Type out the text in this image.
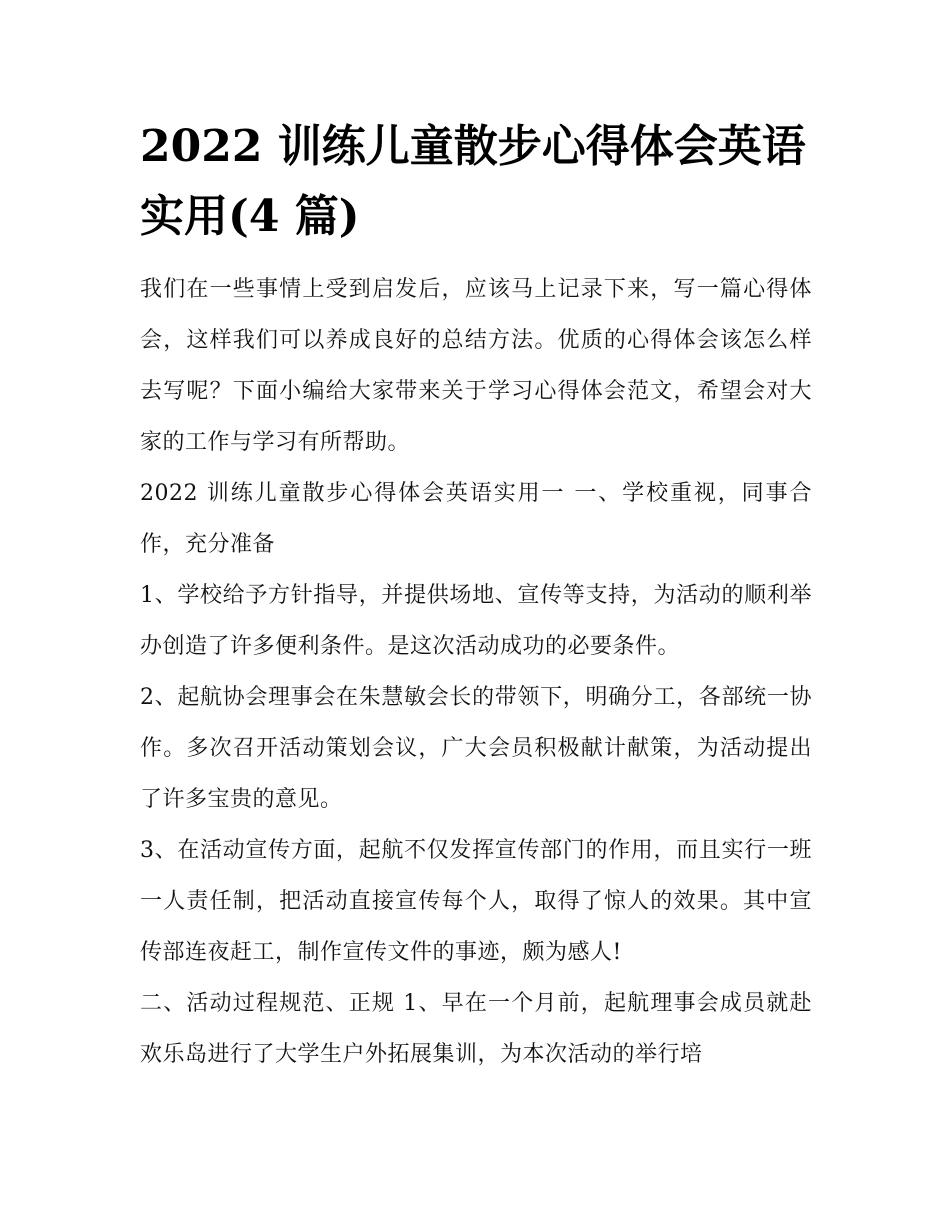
2022 训练儿童散步心得体会英语实用(4 篇)

我们在一些事情上受到启发后，应该马上记录下来，写一篇心得体会，这样我们可以养成良好的总结方法。优质的心得体会该怎么样去写呢？下面小编给大家带来关于学习心得体会范文，希望会对大家的工作与学习有所帮助。

2022 训练儿童散步心得体会英语实用一 一、学校重视，同事合作，充分准备

1、学校给予方针指导，并提供场地、宣传等支持，为活动的顺利举办创造了许多便利条件。是这次活动成功的必要条件。

2、起航协会理事会在朱慧敏会长的带领下，明确分工，各部统一协作。多次召开活动策划会议，广大会员积极献计献策，为活动提出了许多宝贵的意见。

3、在活动宣传方面，起航不仅发挥宣传部门的作用，而且实行一班一人责任制，把活动直接宣传每个人，取得了惊人的效果。其中宣传部连夜赶工，制作宣传文件的事迹，颇为感人!

二、活动过程规范、正规 1、早在一个月前，起航理事会成员就赴欢乐岛进行了大学生户外拓展集训，为本次活动的举行培
